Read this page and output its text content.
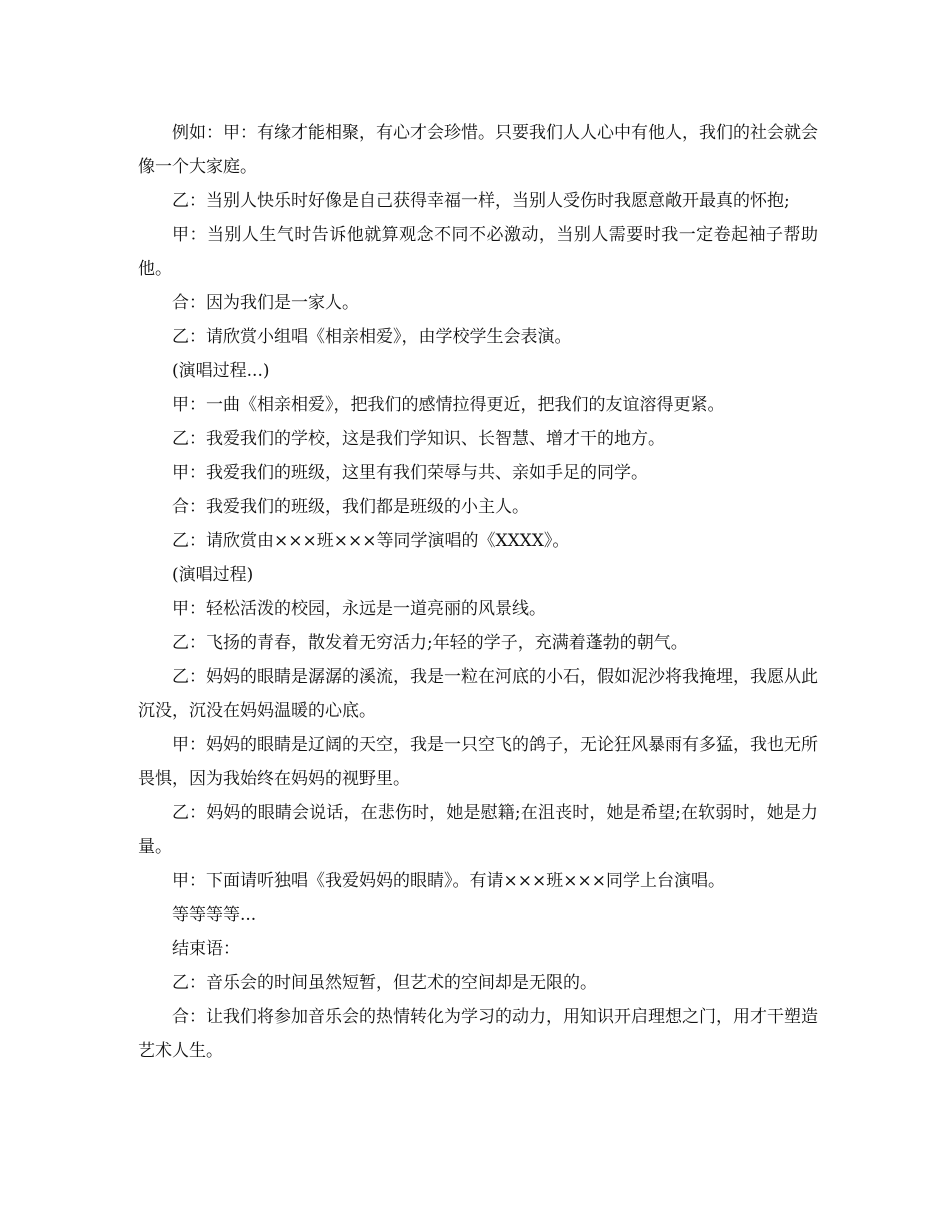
例如：甲：有缘才能相聚，有心才会珍惜。只要我们人人心中有他人，我们的社会就会像一个大家庭。

乙：当别人快乐时好像是自己获得幸福一样，当别人受伤时我愿意敞开最真的怀抱;

甲：当别人生气时告诉他就算观念不同不必激动，当别人需要时我一定卷起袖子帮助他。

合：因为我们是一家人。

乙：请欣赏小组唱《相亲相爱》，由学校学生会表演。

(演唱过程...)

甲：一曲《相亲相爱》，把我们的感情拉得更近，把我们的友谊溶得更紧。

乙：我爱我们的学校，这是我们学知识、长智慧、增才干的地方。

甲：我爱我们的班级，这里有我们荣辱与共、亲如手足的同学。

合：我爱我们的班级，我们都是班级的小主人。

乙：请欣赏由×××班×××等同学演唱的《XXXX》。

(演唱过程)

甲：轻松活泼的校园，永远是一道亮丽的风景线。

乙：飞扬的青春，散发着无穷活力;年轻的学子，充满着蓬勃的朝气。

乙：妈妈的眼睛是潺潺的溪流，我是一粒在河底的小石，假如泥沙将我掩埋，我愿从此沉没，沉没在妈妈温暖的心底。

甲：妈妈的眼睛是辽阔的天空，我是一只空飞的鸽子，无论狂风暴雨有多猛，我也无所畏惧，因为我始终在妈妈的视野里。

乙：妈妈的眼睛会说话，在悲伤时，她是慰籍;在沮丧时，她是希望;在软弱时，她是力量。

甲：下面请听独唱《我爱妈妈的眼睛》。有请×××班×××同学上台演唱。

等等等等...

结束语：

乙：音乐会的时间虽然短暂，但艺术的空间却是无限的。

合：让我们将参加音乐会的热情转化为学习的动力，用知识开启理想之门，用才干塑造艺术人生。
